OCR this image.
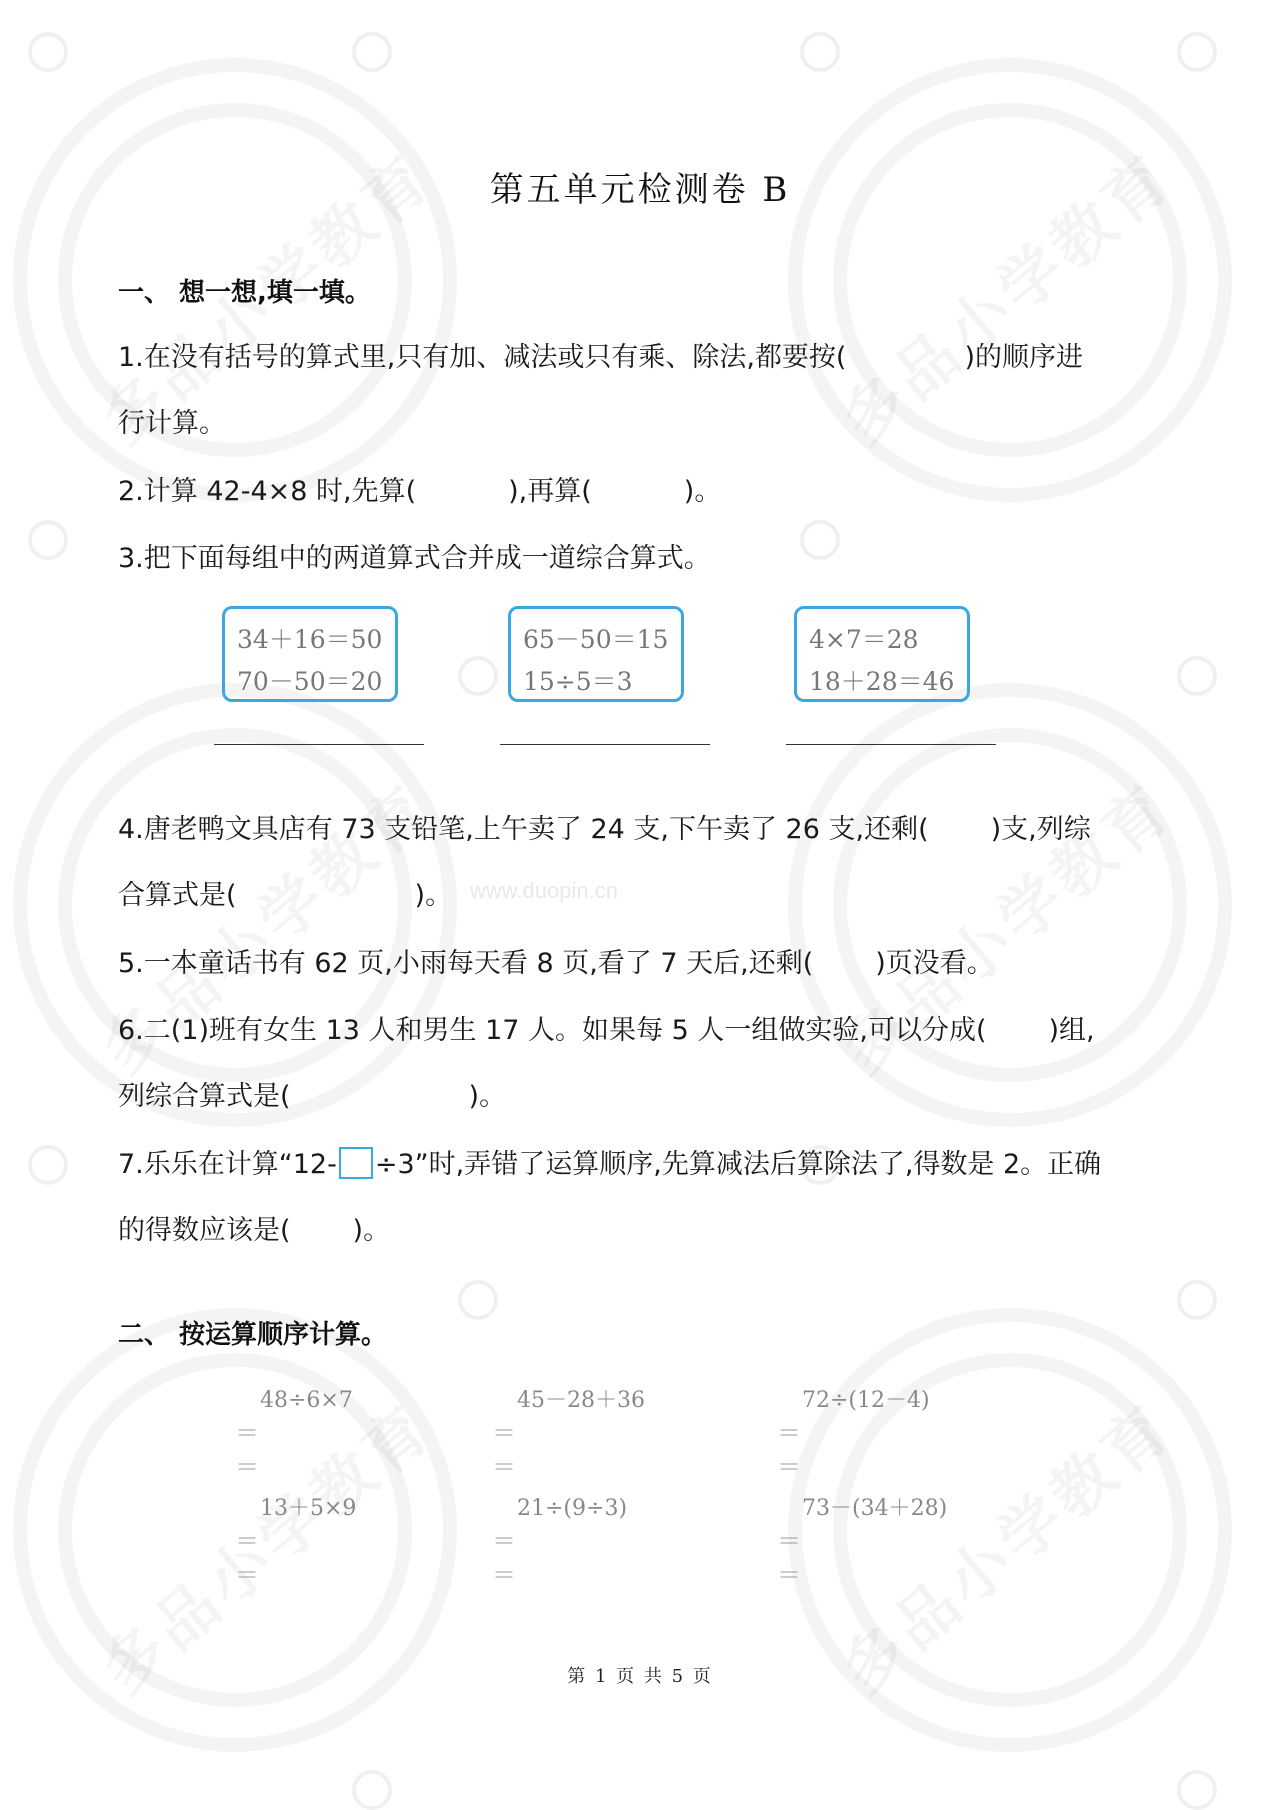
www.duopin.cn
第五单元检测卷 B
一、 想一想,填一填。
1.在没有括号的算式里,只有加、减法或只有乘、除法,都要按(	)的顺序进
行计算。
2.计算 42-4×8 时,先算(	),再算(	)。
3.把下面每组中的两道算式合并成一道综合算式。
34＋16＝50
70－50＝20
65－50＝15
15÷5＝3
4×7＝28
18＋28＝46
4.唐老鸭文具店有 73 支铅笔,上午卖了 24 支,下午卖了 26 支,还剩( )支,列综
合算式是(	)。
5.一本童话书有 62 页,小雨每天看 8 页,看了 7 天后,还剩( )页没看。
6.二(1)班有女生 13 人和男生 17 人。如果每 5 人一组做实验,可以分成( )组,
列综合算式是(	)。
7.乐乐在计算“12- ÷3”时,弄错了运算顺序,先算减法后算除法了,得数是 2。正确
的得数应该是( )。
二、 按运算顺序计算。
48÷6×7
＝
＝
45－28＋36
＝
＝
72÷(12－4)
＝
＝
13＋5×9
＝
＝
21÷(9÷3)
＝
＝
73－(34＋28)
＝
＝
第 1 页 共 5 页
